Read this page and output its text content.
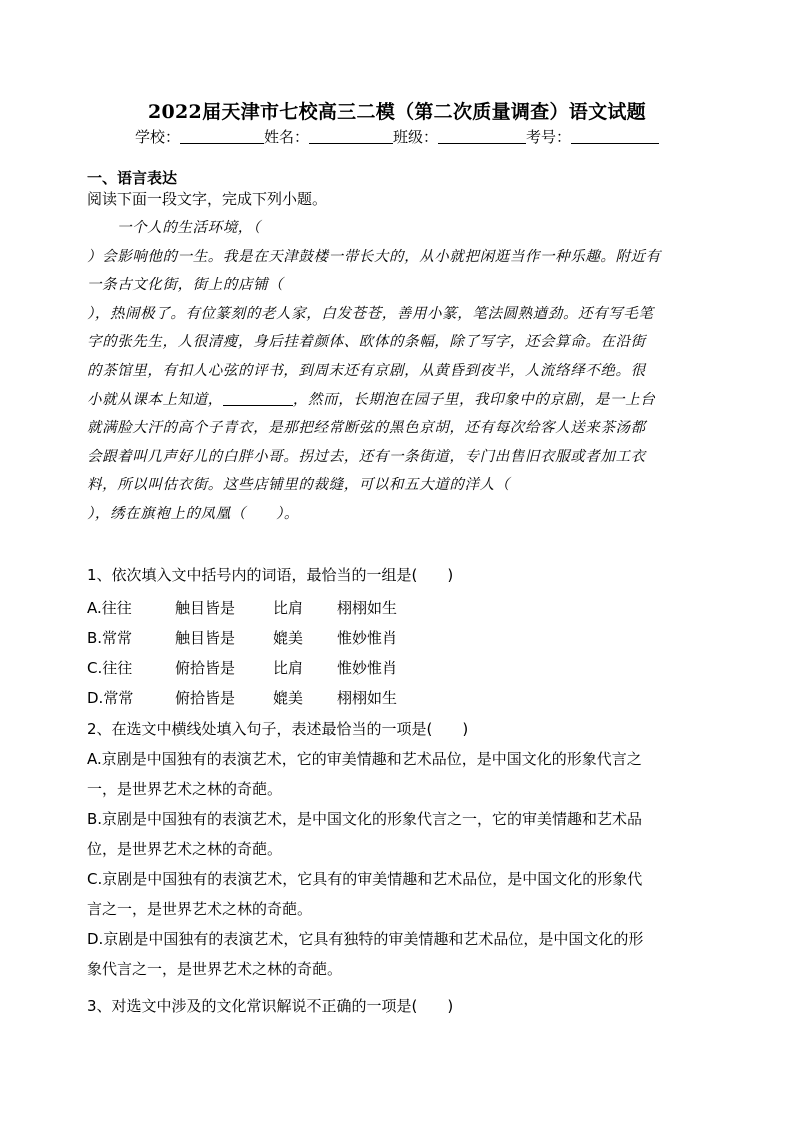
2022届天津市七校高三二模（第二次质量调查）语文试题
学校：	姓名：	班级：	考号：
一、语言表达
阅读下面一段文字，完成下列小题。

一个人的生活环境，（

）会影响他的一生。我是在天津鼓楼一带长大的，从小就把闲逛当作一种乐趣。附近有

一条古文化街，街上的店铺（

），热闹极了。有位篆刻的老人家，白发苍苍，善用小篆，笔法圆熟遒劲。还有写毛笔

字的张先生，人很清瘦，身后挂着颜体、欧体的条幅，除了写字，还会算命。在沿街

的茶馆里，有扣人心弦的评书，到周末还有京剧，从黄昏到夜半，人流络绎不绝。很

小就从课本上知道，	，然而，长期泡在园子里，我印象中的京剧，是一上台

就满脸大汗的高个子青衣，是那把经常断弦的黑色京胡，还有每次给客人送来茶汤都

会跟着叫几声好儿的白胖小哥。拐过去，还有一条街道，专门出售旧衣服或者加工衣

料，所以叫估衣街。这些店铺里的裁缝，可以和五大道的洋人（

），绣在旗袍上的凤凰（　　）。

1、依次填入文中括号内的词语，最恰当的一组是(　　)

A.往往	触目皆是	比肩 栩栩如生
B.常常	触目皆是	媲美 惟妙惟肖
C.往往	俯拾皆是	比肩 惟妙惟肖
D.常常	俯拾皆是	媲美 栩栩如生

2、在选文中横线处填入句子，表述最恰当的一项是(　　)

A.京剧是中国独有的表演艺术，它的审美情趣和艺术品位，是中国文化的形象代言之

一，是世界艺术之林的奇葩。

B.京剧是中国独有的表演艺术，是中国文化的形象代言之一，它的审美情趣和艺术品

位，是世界艺术之林的奇葩。

C.京剧是中国独有的表演艺术，它具有的审美情趣和艺术品位，是中国文化的形象代

言之一，是世界艺术之林的奇葩。

D.京剧是中国独有的表演艺术，它具有独特的审美情趣和艺术品位，是中国文化的形

象代言之一，是世界艺术之林的奇葩。

3、对选文中涉及的文化常识解说不正确的一项是(　　)
